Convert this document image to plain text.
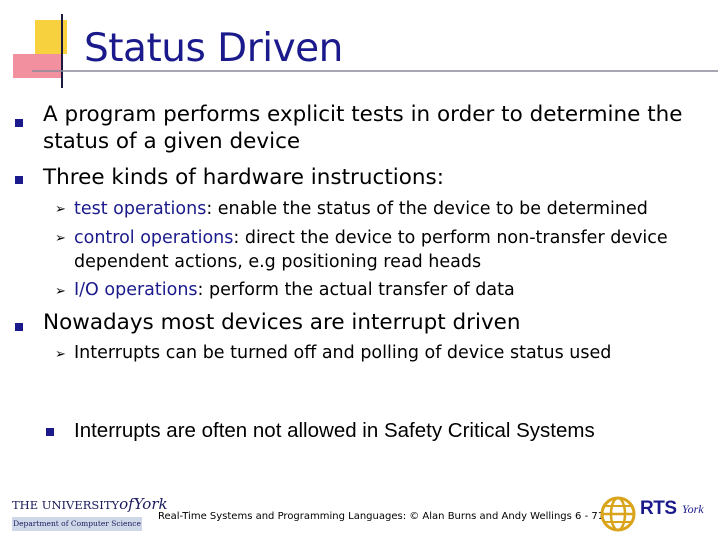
Status Driven
A program performs explicit tests in order to determine the status of a given device
Three kinds of hardware instructions:
➢ test operations: enable the status of the device to be determined
➢ control operations: direct the device to perform non-transfer device dependent actions, e.g positioning read heads
➢ I/O operations: perform the actual transfer of data
Nowadays most devices are interrupt driven
➢ Interrupts can be turned off and polling of device status used
Interrupts are often not allowed in Safety Critical Systems
THE UNIVERSITYofYork
Department of Computer Science
Real-Time Systems and Programming Languages: © Alan Burns and Andy Wellings 6 - 71 RTS York
